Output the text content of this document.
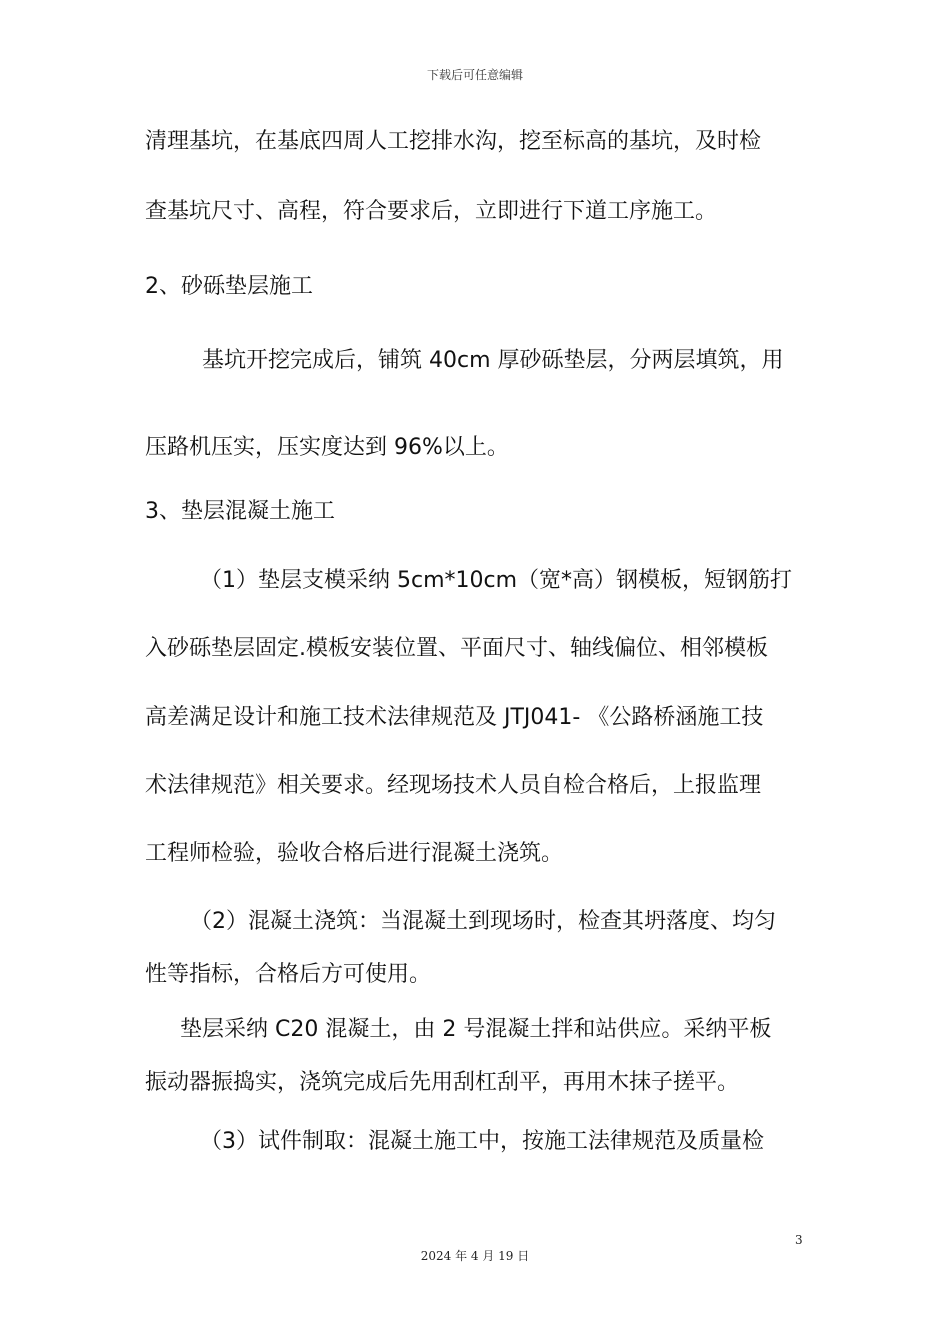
下载后可任意编辑
清理基坑，在基底四周人工挖排水沟，挖至标高的基坑，及时检
查基坑尺寸、高程，符合要求后，立即进行下道工序施工。
2、砂砾垫层施工
基坑开挖完成后，铺筑 40cm 厚砂砾垫层，分两层填筑，用
压路机压实，压实度达到 96%以上。
3、垫层混凝土施工
（1）垫层支模采纳 5cm*10cm（宽*高）钢模板，短钢筋打
入砂砾垫层固定.模板安装位置、平面尺寸、轴线偏位、相邻模板
高差满足设计和施工技术法律规范及 JTJ041- 《公路桥涵施工技
术法律规范》相关要求。经现场技术人员自检合格后，上报监理
工程师检验，验收合格后进行混凝土浇筑。
（2）混凝土浇筑：当混凝土到现场时，检查其坍落度、均匀
性等指标，合格后方可使用。
垫层采纳 C20 混凝土，由 2 号混凝土拌和站供应。采纳平板
振动器振捣实，浇筑完成后先用刮杠刮平，再用木抹子搓平。
（3）试件制取：混凝土施工中，按施工法律规范及质量检
3
2024 年 4 月 19 日
